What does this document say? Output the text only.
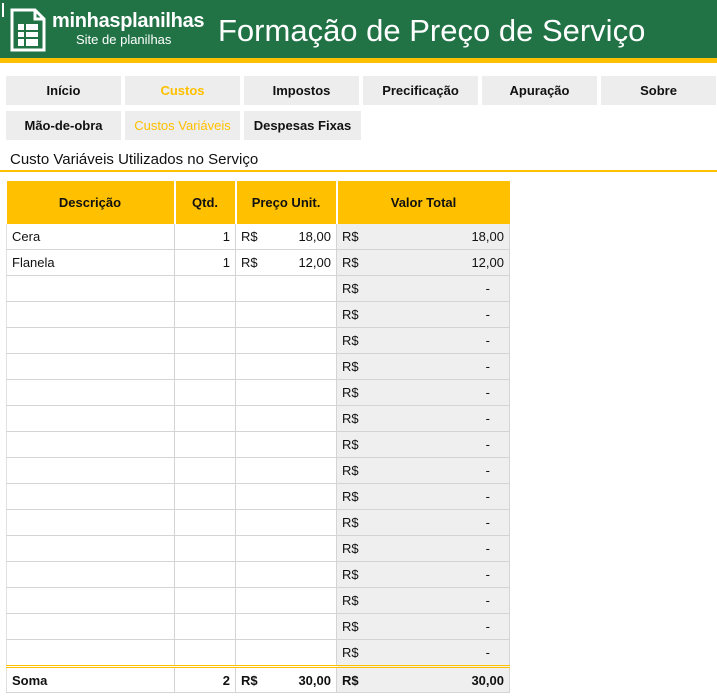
minhasplanilhas
Site de planilhas Formação de Preço de Serviço
Início	Custos	Impostos	Precificação	Apuração	Sobre
Mão-de-obra	Custos Variáveis	Despesas Fixas
Custo Variáveis Utilizados no Serviço
Descrição	Qtd.	Preço Unit.	Valor Total
Cera	1	R$ 18,00	R$ 18,00

Flanela	1	R$ 12,00	R$ 12,00

			R$ -

			R$ -

			R$ -

			R$ -

			R$ -

			R$ -

			R$ -

			R$ -

			R$ -

			R$ -

			R$ -

			R$ -

			R$ -

			R$ -

			R$ -

Soma	2	R$ 30,00	R$ 30,00
